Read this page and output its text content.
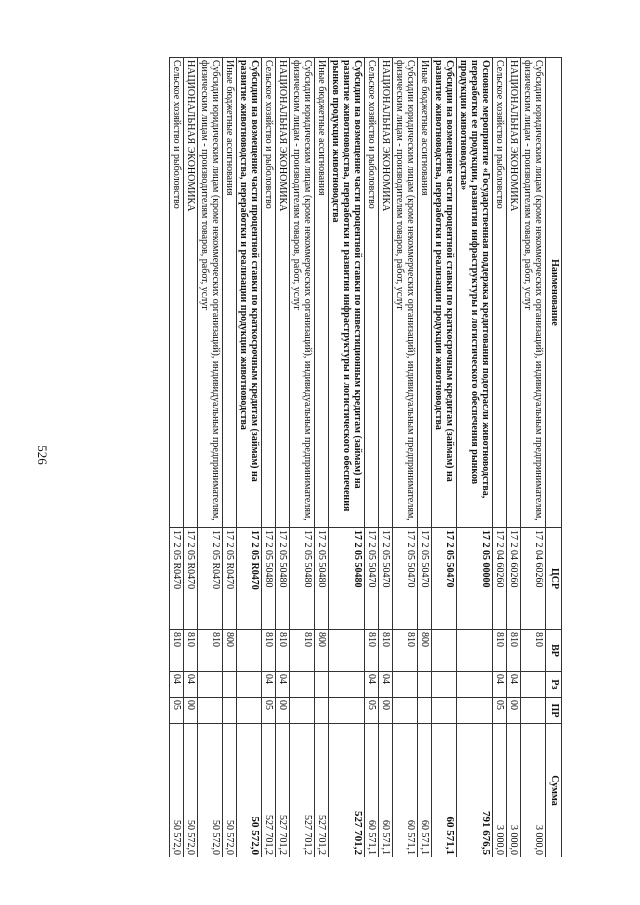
526
Наименование	ЦСР	ВР	Рз	ПР	Сумма
Субсидии юридическим лицам (кроме некоммерческих организаций), индивидуальным предпринимателям, физическим лицам - производителям товаров, работ, услуг	17 2 04 60260	810			3 000,0
НАЦИОНАЛЬНАЯ ЭКОНОМИКА	17 2 04 60260	810	04	00	3 000,0
Сельское хозяйство и рыболовство	17 2 04 60260	810	04	05	3 000,0
Основное мероприятие «Государственная поддержка кредитования подотрасли животноводства, переработки ее продукции, развития инфраструктуры и логистического обеспечения рынков продукции животноводства»	17 2 05 00000				791 676,5
Субсидии на возмещение части процентной ставки по краткосрочным кредитам (займам) на развитие животноводства, переработки и реализации продукции животноводства	17 2 05 50470				60 571,1
Иные бюджетные ассигнования	17 2 05 50470	800			60 571,1
Субсидии юридическим лицам (кроме некоммерческих организаций), индивидуальным предпринимателям, физическим лицам - производителям товаров, работ, услуг	17 2 05 50470	810			60 571,1
НАЦИОНАЛЬНАЯ ЭКОНОМИКА	17 2 05 50470	810	04	00	60 571,1
Сельское хозяйство и рыболовство	17 2 05 50470	810	04	05	60 571,1
Субсидии на возмещение части процентной ставки по инвестиционным кредитам (займам) на развитие животноводства, переработки и развития инфраструктуры и логистического обеспечения рынков продукции животноводства	17 2 05 50480				527 701,2
Иные бюджетные ассигнования	17 2 05 50480	800			527 701,2
Субсидии юридическим лицам (кроме некоммерческих организаций), индивидуальным предпринимателям, физическим лицам - производителям товаров, работ, услуг	17 2 05 50480	810			527 701,2
НАЦИОНАЛЬНАЯ ЭКОНОМИКА	17 2 05 50480	810	04	00	527 701,2
Сельское хозяйство и рыболовство	17 2 05 50480	810	04	05	527 701,2
Субсидии на возмещение части процентной ставки по краткосрочным кредитам (займам) на развитие животноводства, переработки и реализации продукции животноводства	17 2 05 R0470				50 572,0
Иные бюджетные ассигнования	17 2 05 R0470	800			50 572,0
Субсидии юридическим лицам (кроме некоммерческих организаций), индивидуальным предпринимателям, физическим лицам - производителям товаров, работ, услуг	17 2 05 R0470	810			50 572,0
НАЦИОНАЛЬНАЯ ЭКОНОМИКА	17 2 05 R0470	810	04	00	50 572,0
Сельское хозяйство и рыболовство	17 2 05 R0470	810	04	05	50 572,0
